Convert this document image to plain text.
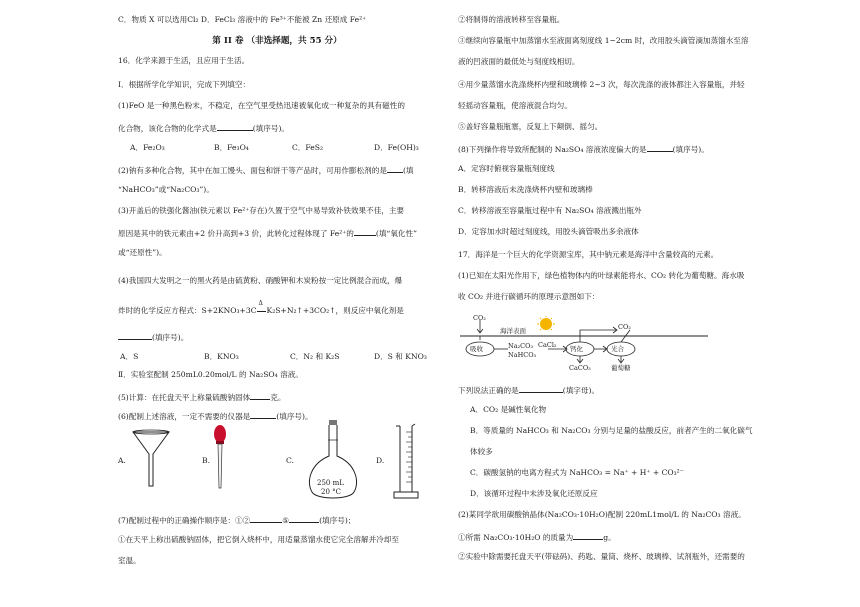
C．物质 X 可以选用Cl₂ D．FeCl₃ 溶液中的 Fe³⁺不能被 Zn 还原成 Fe²⁺
第 II 卷 （非选择题，共 55 分）
16．化学来源于生活，且应用于生活。
Ⅰ．根据所学化学知识，完成下列填空：
(1)FeO 是一种黑色粉末，不稳定，在空气里受热迅速被氧化成一种复杂的具有磁性的
化合物，该化合物的化学式是	(填序号)。
A．Fe₂O₃	B．Fe₃O₄	C．FeS₂	D．Fe(OH)₃
(2)钠有多种化合物，其中在加工馒头、面包和饼干等产品时，可用作膨松剂的是 (填
“NaHCO₃”或“Na₂CO₃”)。
(3)开盖后的铁强化酱油(铁元素以 Fe²⁺存在)久置于空气中易导致补铁效果不佳，主要
原因是其中的铁元素由+2 价升高到+3 价，此转化过程体现了 Fe²⁺的	(填“氧化性”
或“还原性”)。
(4)我国四大发明之一的黑火药是由硫黄粉、硝酸钾和木炭粉按一定比例混合而成，爆
炸时的化学反应方程式：S+2KNO₃+3C
Δ
K₂S+N₂↑+3CO₂↑，则反应中氧化剂是
(填序号)。
A．S	B．KNO₃	C．N₂ 和 K₂S	D．S 和 KNO₃
Ⅱ．实验室配制 250mL0.20mol/L 的 Na₂SO₄ 溶液。
(5)计算：在托盘天平上称量硫酸钠固体	克。
(6)配制上述溶液，一定不需要的仪器是	(填序号)。
A.	B.	C.
250 mL
20 °C
D.
(7)配制过程中的正确操作顺序是：①②	⑤	(填序号)；
①在天平上称出硫酸钠固体，把它倒入烧杯中，用适量蒸馏水使它完全溶解并冷却至
室温。
②将制得的溶液转移至容量瓶。
③继续向容量瓶中加蒸馏水至液面离刻度线 1~2cm 时，改用胶头滴管滴加蒸馏水至溶
液的凹液面的最低处与刻度线相切。
④用少量蒸馏水洗涤烧杯内壁和玻璃棒 2~3 次，每次洗涤的液体都注入容量瓶，并轻
轻摇动容量瓶，使溶液混合均匀。
⑤盖好容量瓶瓶塞，反复上下颠倒、摇匀。
(8)下列操作将导致所配制的 Na₂SO₄ 溶液浓度偏大的是	(填序号)。
A．定容时俯视容量瓶刻度线
B．转移溶液后未洗涤烧杯内壁和玻璃棒
C．转移溶液至容量瓶过程中有 Na₂SO₄ 溶液溅出瓶外
D．定容加水时超过刻度线，用胶头滴管吸出多余液体
17．海洋是一个巨大的化学资源宝库，其中钠元素是海洋中含量较高的元素。
(1)已知在太阳光作用下，绿色植物体内的叶绿素能将水、CO₂ 转化为葡萄糖。海水吸
收 CO₂ 并进行碳循环的原理示意图如下：
CO₂
海洋表面
吸收	Na₂CO₃
NaHCO₃
CaCl₂ 钙化	光合
CO₂
CaCO₃	葡萄糖
下列说法正确的是	(填字母)。
A．CO₂ 是碱性氧化物
B．等质量的 NaHCO₃ 和 Na₂CO₃ 分别与足量的盐酸反应，前者产生的二氧化碳气
体较多
C．碳酸氢钠的电离方程式为 NaHCO₃ = Na⁺ + H⁺ + CO₃²⁻
D．该循环过程中未涉及氧化还原反应
(2)某同学欲用碳酸钠晶体(Na₂CO₃·10H₂O)配制 220mL1mol/L 的 Na₂CO₃ 溶液。
①所需 Na₂CO₃·10H₂O 的质量为	g。
②实验中除需要托盘天平(带砝码)、药匙、量筒、烧杯、玻璃棒、试剂瓶外，还需要的
